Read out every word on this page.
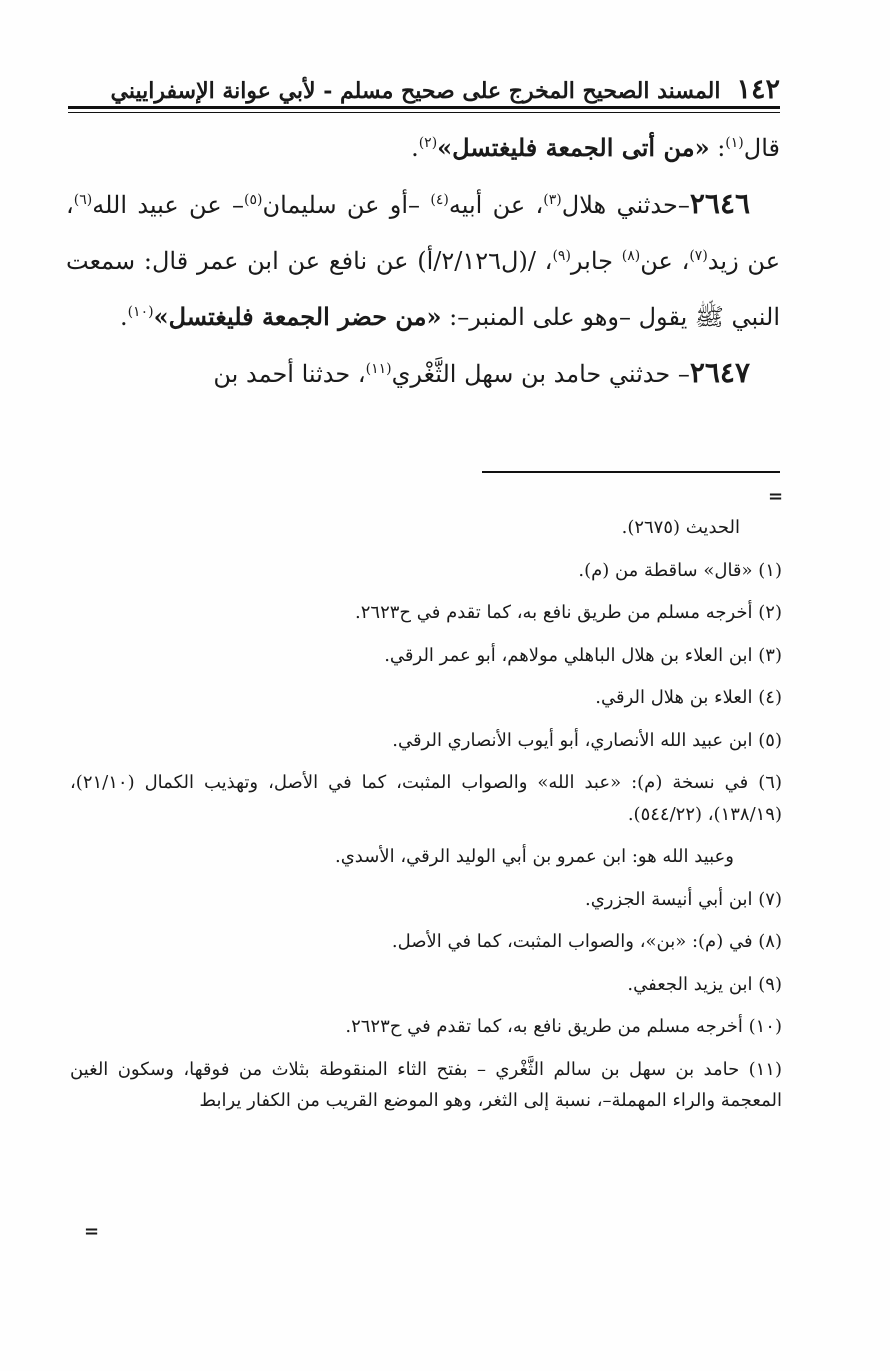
١٤٢
المسند الصحيح المخرج على صحيح مسلم - لأبي عوانة الإسفراييني

قال$^{(١)}$: «من أتى الجمعة فليغتسل»$^{(٢)}$.

٢٦٤٦–حدثني هلال$^{(٣)}$، عن أبيه$^{(٤)}$ –أو عن سليمان$^{(٥)}$– عن عبيد الله$^{(٦)}$، عن زيد$^{(٧)}$، عن$^{(٨)}$ جابر$^{(٩)}$، /(ل٢/١٢٦/أ) عن نافع عن ابن عمر قال: سمعت النبي ﷺ يقول –وهو على المنبر–: «من حضر الجمعة فليغتسل»$^{(١٠)}$.

٢٦٤٧– حدثني حامد بن سهل الثَّغْري$^{(١١)}$، حدثنا أحمد بن

=

الحديث (٢٦٧٥).

(١) «قال» ساقطة من (م).

(٢) أخرجه مسلم من طريق نافع به، كما تقدم في ح٢٦٢٣.

(٣) ابن العلاء بن هلال الباهلي مولاهم، أبو عمر الرقي.

(٤) العلاء بن هلال الرقي.

(٥) ابن عبيد الله الأنصاري، أبو أيوب الأنصاري الرقي.

(٦) في نسخة (م): «عبد الله» والصواب المثبت، كما في الأصل، وتهذيب الكمال (٢١/١٠)، (١٣٨/١٩)، (٥٤٤/٢٢).

وعبيد الله هو: ابن عمرو بن أبي الوليد الرقي، الأسدي.

(٧) ابن أبي أنيسة الجزري.

(٨) في (م): «بن»، والصواب المثبت، كما في الأصل.

(٩) ابن يزيد الجعفي.

(١٠) أخرجه مسلم من طريق نافع به، كما تقدم في ح٢٦٢٣.

(١١) حامد بن سهل بن سالم الثَّغْري – بفتح الثاء المنقوطة بثلاث من فوقها، وسكون الغين المعجمة والراء المهملة–، نسبة إلى الثغر، وهو الموضع القريب من الكفار يرابط

=
